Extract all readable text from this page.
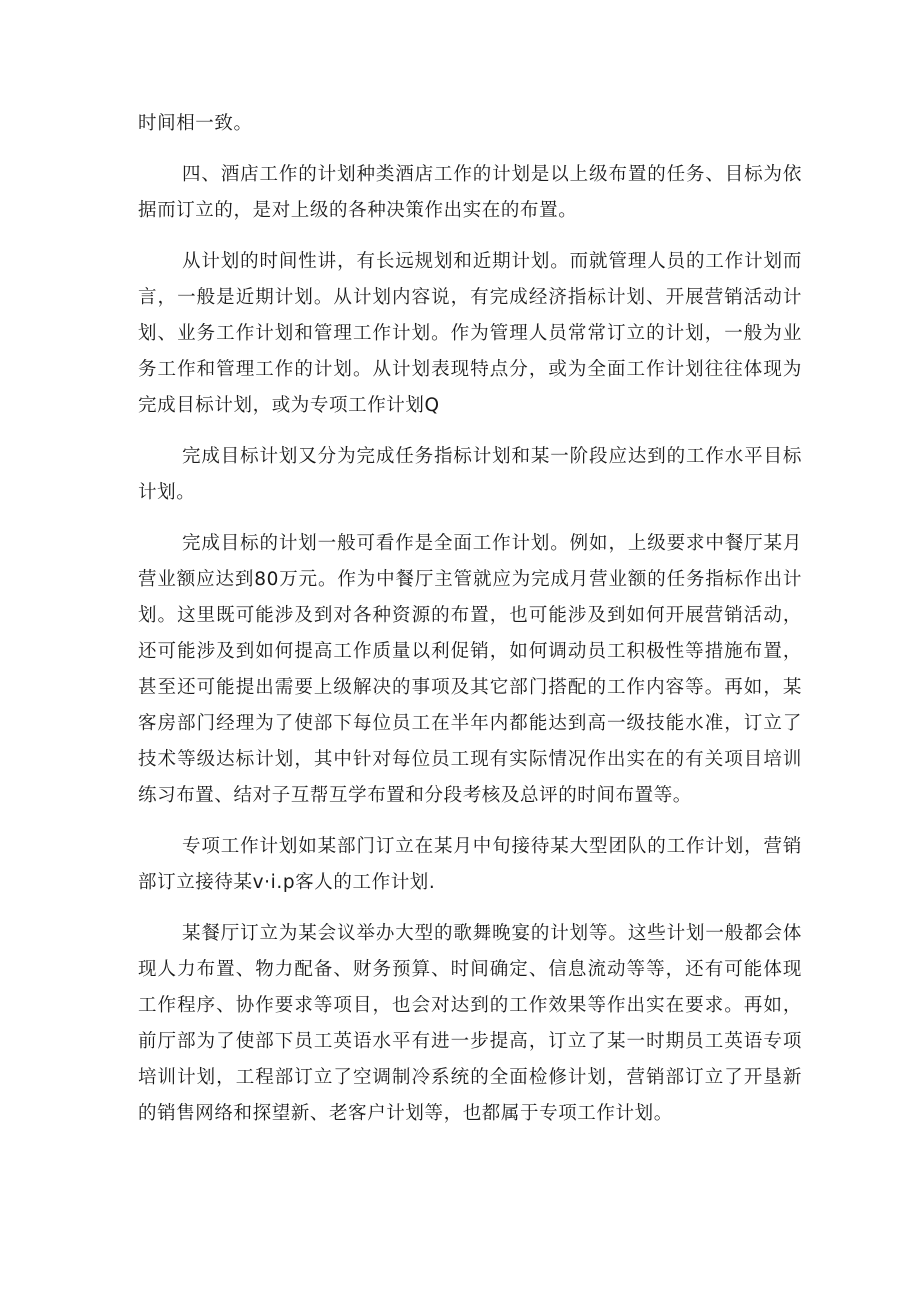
时间相一致。

四、酒店工作的计划种类酒店工作的计划是以上级布置的任务、目标为依据而订立的，是对上级的各种决策作出实在的布置。

从计划的时间性讲，有长远规划和近期计划。而就管理人员的工作计划而言，一般是近期计划。从计划内容说，有完成经济指标计划、开展营销活动计划、业务工作计划和管理工作计划。作为管理人员常常订立的计划，一般为业务工作和管理工作的计划。从计划表现特点分，或为全面工作计划往往体现为完成目标计划，或为专项工作计划Q

完成目标计划又分为完成任务指标计划和某一阶段应达到的工作水平目标计划。

完成目标的计划一般可看作是全面工作计划。例如，上级要求中餐厅某月营业额应达到80万元。作为中餐厅主管就应为完成月营业额的任务指标作出计划。这里既可能涉及到对各种资源的布置，也可能涉及到如何开展营销活动，还可能涉及到如何提高工作质量以利促销，如何调动员工积极性等措施布置，甚至还可能提出需要上级解决的事项及其它部门搭配的工作内容等。再如，某客房部门经理为了使部下每位员工在半年内都能达到高一级技能水准，订立了技术等级达标计划，其中针对每位员工现有实际情况作出实在的有关项目培训练习布置、结对子互帮互学布置和分段考核及总评的时间布置等。

专项工作计划如某部门订立在某月中旬接待某大型团队的工作计划，营销部订立接待某v·i.p客人的工作计划.

某餐厅订立为某会议举办大型的歌舞晚宴的计划等。这些计划一般都会体现人力布置、物力配备、财务预算、时间确定、信息流动等等，还有可能体现工作程序、协作要求等项目，也会对达到的工作效果等作出实在要求。再如，前厅部为了使部下员工英语水平有进一步提高，订立了某一时期员工英语专项培训计划，工程部订立了空调制冷系统的全面检修计划，营销部订立了开垦新的销售网络和探望新、老客户计划等，也都属于专项工作计划。
